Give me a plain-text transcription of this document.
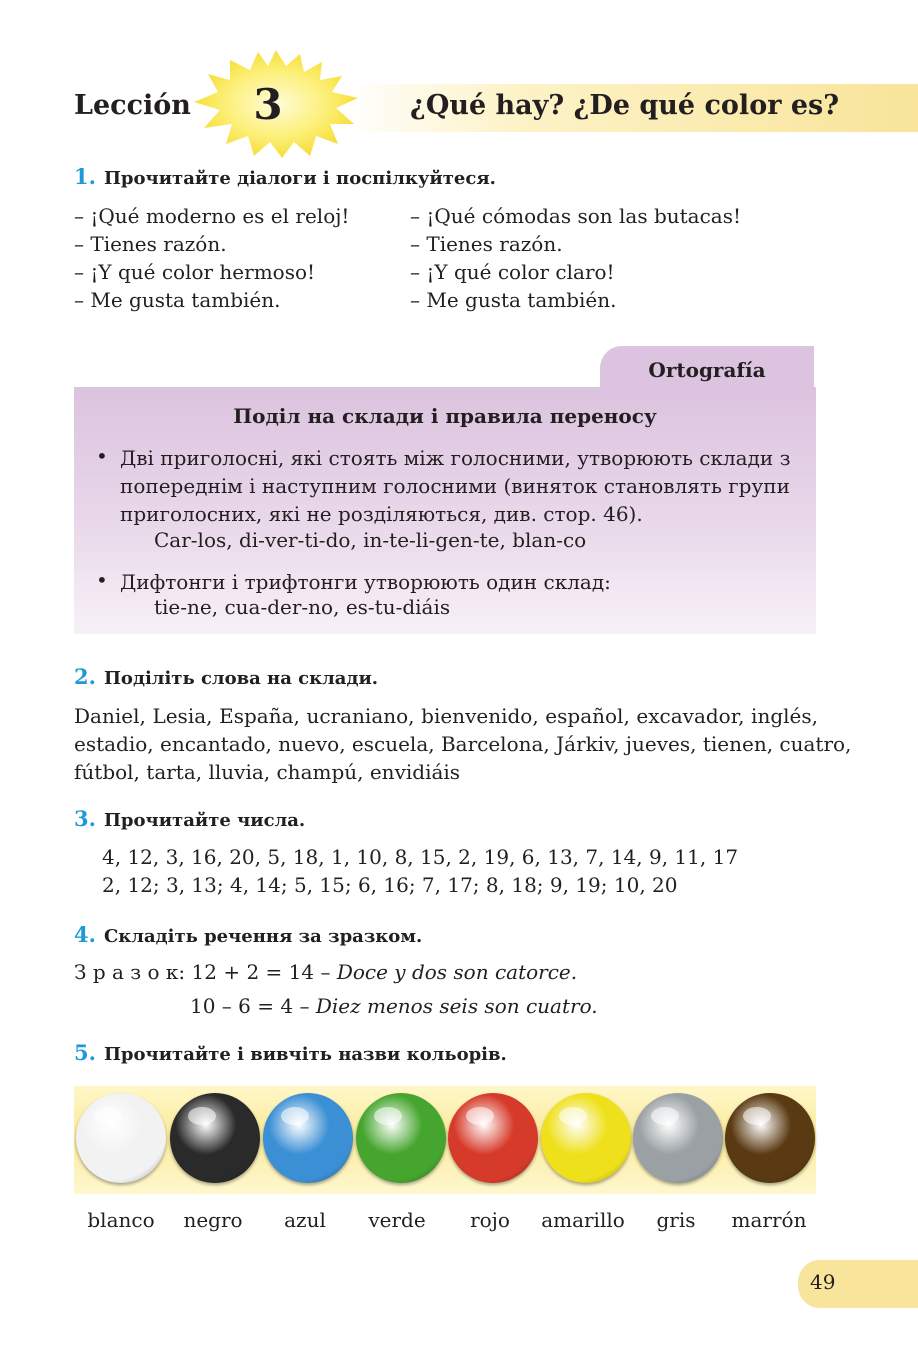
Lección	3	¿Qué hay? ¿De qué color es?
1. Прочитайте діалоги і поспілкуйтеся.
– ¡Qué moderno es el reloj!
– Tienes razón.
– ¡Y qué color hermoso!
– Me gusta también.
– ¡Qué cómodas son las butacas!
– Tienes razón.
– ¡Y qué color claro!
– Me gusta también.
Ortografía
Поділ на склади і правила переносу
• Дві приголосні, які стоять між голосними, утворюють склади з
попереднім і наступним голосними (виняток становлять групи
приголосних, які не розділяються, див. стор. 46).
Car-los, di-ver-ti-do, in-te-li-gen-te, blan-co
• Дифтонги і трифтонги утворюють один склад:
tie-ne, cua-der-no, es-tu-diáis
2. Поділіть слова на склади.
Daniel, Lesia, España, ucraniano, bienvenido, español, excavador, inglés,
estadio, encantado, nuevo, escuela, Barcelona, Járkiv, jueves, tienen, cuatro,
fútbol, tarta, lluvia, champú, envidiáis
3. Прочитайте числа.
4, 12, 3, 16, 20, 5, 18, 1, 10, 8, 15, 2, 19, 6, 13, 7, 14, 9, 11, 17
2, 12; 3, 13; 4, 14; 5, 15; 6, 16; 7, 17; 8, 18; 9, 19; 10, 20
4. Складіть речення за зразком.
З р а з о к: 12 + 2 = 14 – Doce y dos son catorce.
10 – 6 = 4 – Diez menos seis son cuatro.
5. Прочитайте і вивчіть назви кольорів.
blanco	negro	azul	verde	rojo	amarillo	gris	marrón
49
